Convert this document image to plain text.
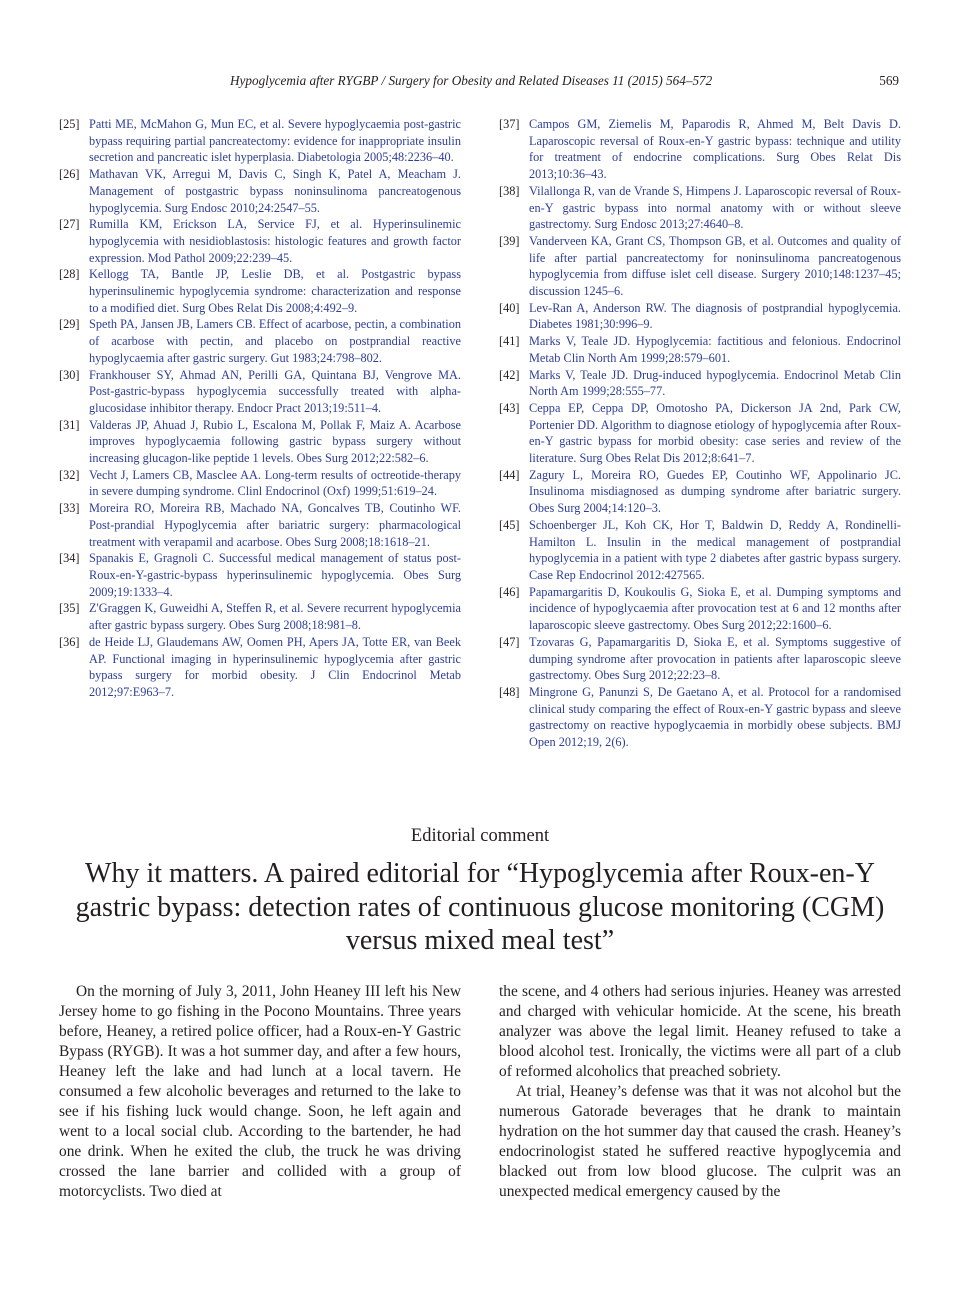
Hypoglycemia after RYGBP / Surgery for Obesity and Related Diseases 11 (2015) 564–572	569
[25] Patti ME, McMahon G, Mun EC, et al. Severe hypoglycaemia post-gastric bypass requiring partial pancreatectomy: evidence for inappropriate insulin secretion and pancreatic islet hyperplasia. Diabetologia 2005;48:2236–40.
[26] Mathavan VK, Arregui M, Davis C, Singh K, Patel A, Meacham J. Management of postgastric bypass noninsulinoma pancreatogenous hypoglycemia. Surg Endosc 2010;24:2547–55.
[27] Rumilla KM, Erickson LA, Service FJ, et al. Hyperinsulinemic hypoglycemia with nesidioblastosis: histologic features and growth factor expression. Mod Pathol 2009;22:239–45.
[28] Kellogg TA, Bantle JP, Leslie DB, et al. Postgastric bypass hyperinsulinemic hypoglycemia syndrome: characterization and response to a modified diet. Surg Obes Relat Dis 2008;4:492–9.
[29] Speth PA, Jansen JB, Lamers CB. Effect of acarbose, pectin, a combination of acarbose with pectin, and placebo on postprandial reactive hypoglycaemia after gastric surgery. Gut 1983;24:798–802.
[30] Frankhouser SY, Ahmad AN, Perilli GA, Quintana BJ, Vengrove MA. Post-gastric-bypass hypoglycemia successfully treated with alpha-glucosidase inhibitor therapy. Endocr Pract 2013;19:511–4.
[31] Valderas JP, Ahuad J, Rubio L, Escalona M, Pollak F, Maiz A. Acarbose improves hypoglycaemia following gastric bypass surgery without increasing glucagon-like peptide 1 levels. Obes Surg 2012;22:582–6.
[32] Vecht J, Lamers CB, Masclee AA. Long-term results of octreotide-therapy in severe dumping syndrome. Clinl Endocrinol (Oxf) 1999;51:619–24.
[33] Moreira RO, Moreira RB, Machado NA, Goncalves TB, Coutinho WF. Post-prandial Hypoglycemia after bariatric surgery: pharmacological treatment with verapamil and acarbose. Obes Surg 2008;18:1618–21.
[34] Spanakis E, Gragnoli C. Successful medical management of status post-Roux-en-Y-gastric-bypass hyperinsulinemic hypoglycemia. Obes Surg 2009;19:1333–4.
[35] Z'Graggen K, Guweidhi A, Steffen R, et al. Severe recurrent hypoglycemia after gastric bypass surgery. Obes Surg 2008;18:981–8.
[36] de Heide LJ, Glaudemans AW, Oomen PH, Apers JA, Totte ER, van Beek AP. Functional imaging in hyperinsulinemic hypoglycemia after gastric bypass surgery for morbid obesity. J Clin Endocrinol Metab 2012;97:E963–7.
[37] Campos GM, Ziemelis M, Paparodis R, Ahmed M, Belt Davis D. Laparoscopic reversal of Roux-en-Y gastric bypass: technique and utility for treatment of endocrine complications. Surg Obes Relat Dis 2013;10:36–43.
[38] Vilallonga R, van de Vrande S, Himpens J. Laparoscopic reversal of Roux-en-Y gastric bypass into normal anatomy with or without sleeve gastrectomy. Surg Endosc 2013;27:4640–8.
[39] Vanderveen KA, Grant CS, Thompson GB, et al. Outcomes and quality of life after partial pancreatectomy for noninsulinoma pancreatogenous hypoglycemia from diffuse islet cell disease. Surgery 2010;148:1237–45; discussion 1245–6.
[40] Lev-Ran A, Anderson RW. The diagnosis of postprandial hypoglycemia. Diabetes 1981;30:996–9.
[41] Marks V, Teale JD. Hypoglycemia: factitious and felonious. Endocrinol Metab Clin North Am 1999;28:579–601.
[42] Marks V, Teale JD. Drug-induced hypoglycemia. Endocrinol Metab Clin North Am 1999;28:555–77.
[43] Ceppa EP, Ceppa DP, Omotosho PA, Dickerson JA 2nd, Park CW, Portenier DD. Algorithm to diagnose etiology of hypoglycemia after Roux-en-Y gastric bypass for morbid obesity: case series and review of the literature. Surg Obes Relat Dis 2012;8:641–7.
[44] Zagury L, Moreira RO, Guedes EP, Coutinho WF, Appolinario JC. Insulinoma misdiagnosed as dumping syndrome after bariatric surgery. Obes Surg 2004;14:120–3.
[45] Schoenberger JL, Koh CK, Hor T, Baldwin D, Reddy A, Rondinelli-Hamilton L. Insulin in the medical management of postprandial hypoglycemia in a patient with type 2 diabetes after gastric bypass surgery. Case Rep Endocrinol 2012:427565.
[46] Papamargaritis D, Koukoulis G, Sioka E, et al. Dumping symptoms and incidence of hypoglycaemia after provocation test at 6 and 12 months after laparoscopic sleeve gastrectomy. Obes Surg 2012;22:1600–6.
[47] Tzovaras G, Papamargaritis D, Sioka E, et al. Symptoms suggestive of dumping syndrome after provocation in patients after laparoscopic sleeve gastrectomy. Obes Surg 2012;22:23–8.
[48] Mingrone G, Panunzi S, De Gaetano A, et al. Protocol for a randomised clinical study comparing the effect of Roux-en-Y gastric bypass and sleeve gastrectomy on reactive hypoglycaemia in morbidly obese subjects. BMJ Open 2012;19, 2(6).
Editorial comment
Why it matters. A paired editorial for “Hypoglycemia after Roux-en-Y gastric bypass: detection rates of continuous glucose monitoring (CGM) versus mixed meal test”

On the morning of July 3, 2011, John Heaney III left his New Jersey home to go fishing in the Pocono Mountains. Three years before, Heaney, a retired police officer, had a Roux-en-Y Gastric Bypass (RYGB). It was a hot summer day, and after a few hours, Heaney left the lake and had lunch at a local tavern. He consumed a few alcoholic beverages and returned to the lake to see if his fishing luck would change. Soon, he left again and went to a local social club. According to the bartender, he had one drink. When he exited the club, the truck he was driving crossed the lane barrier and collided with a group of motorcyclists. Two died at

the scene, and 4 others had serious injuries. Heaney was arrested and charged with vehicular homicide. At the scene, his breath analyzer was above the legal limit. Heaney refused to take a blood alcohol test. Ironically, the victims were all part of a club of reformed alcoholics that preached sobriety.

At trial, Heaney’s defense was that it was not alcohol but the numerous Gatorade beverages that he drank to maintain hydration on the hot summer day that caused the crash. Heaney’s endocrinologist stated he suffered reactive hypoglycemia and blacked out from low blood glucose. The culprit was an unexpected medical emergency caused by the
